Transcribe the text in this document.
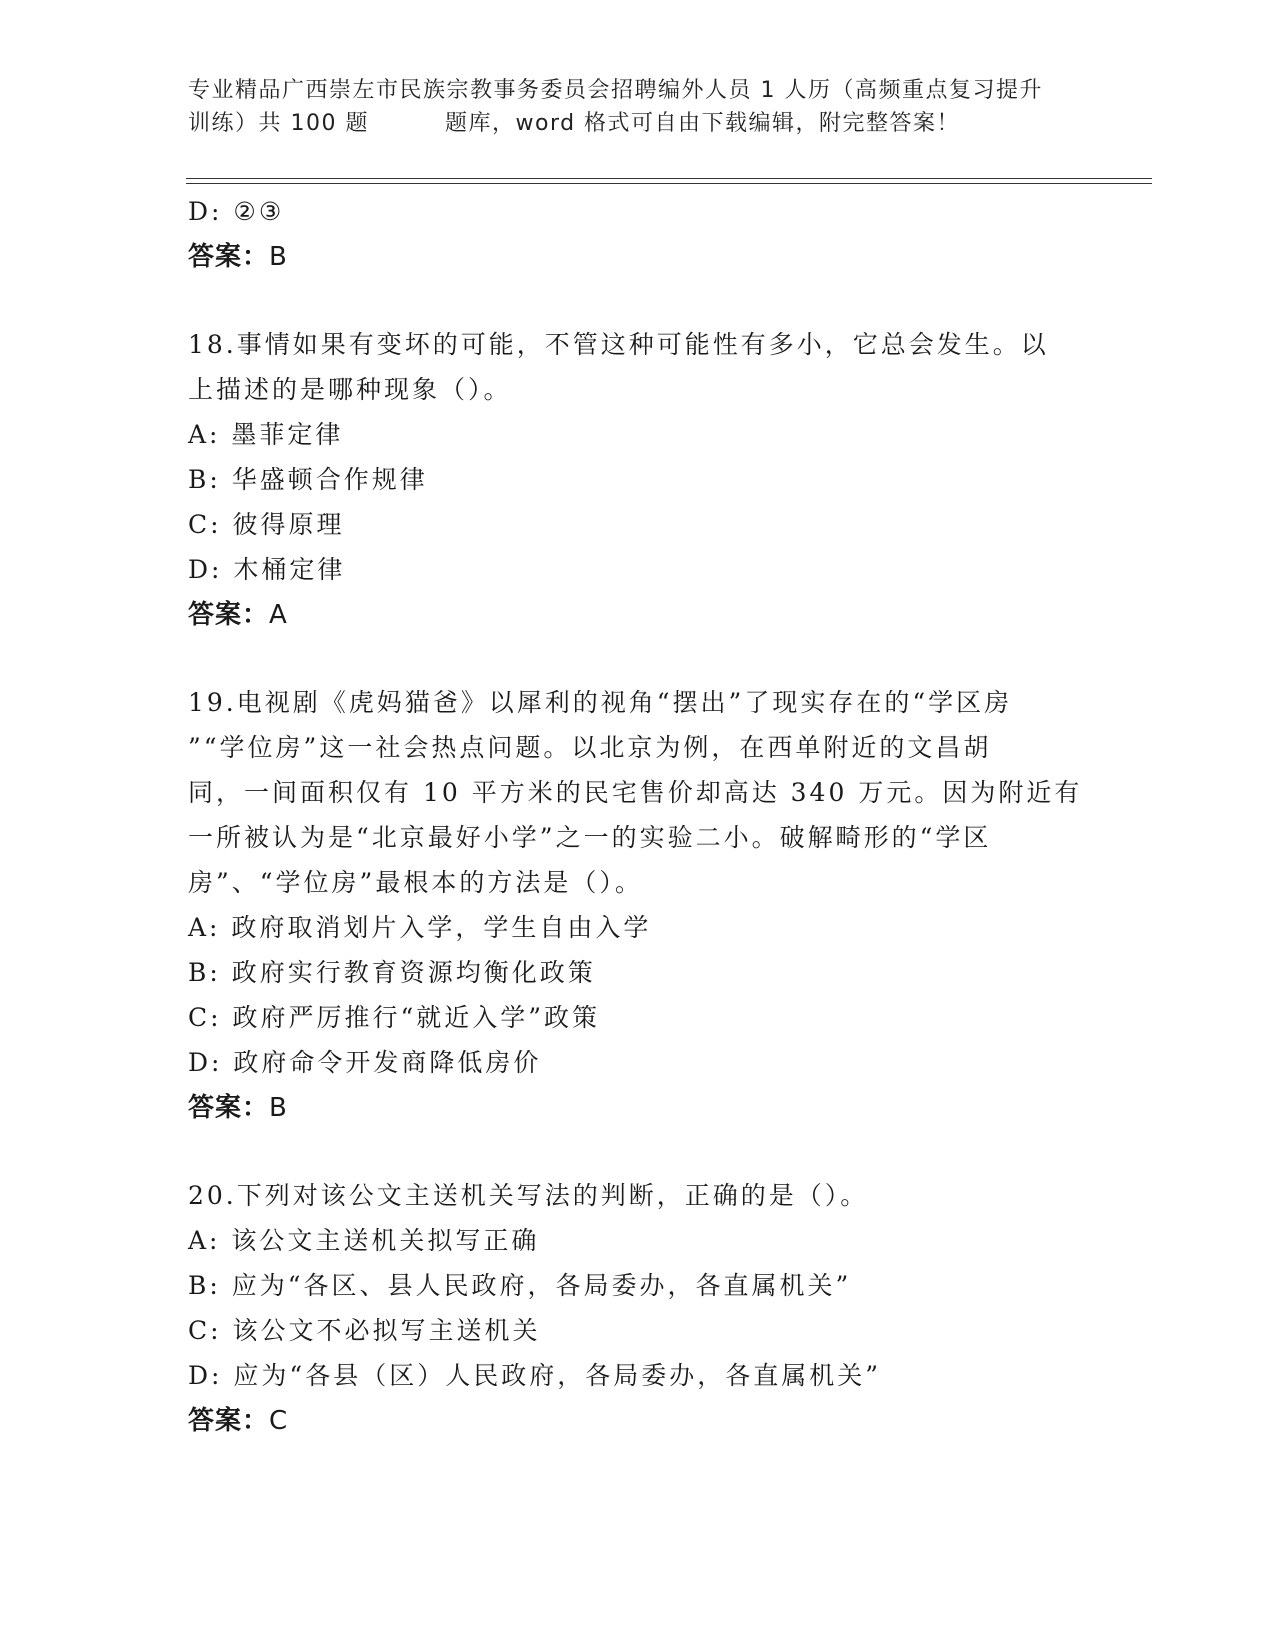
专业精品广西崇左市民族宗教事务委员会招聘编外人员 1 人历（高频重点复习提升
训练）共 100 题	题库，word 格式可自由下载编辑，附完整答案！
D: ②③
答案：B
18.事情如果有变坏的可能，不管这种可能性有多小，它总会发生。以
上描述的是哪种现象（）。
A: 墨菲定律
B: 华盛顿合作规律
C: 彼得原理
D: 木桶定律
答案：A
19.电视剧《虎妈猫爸》以犀利的视角“摆出”了现实存在的“学区房
”“学位房”这一社会热点问题。以北京为例，在西单附近的文昌胡
同，一间面积仅有 10 平方米的民宅售价却高达 340 万元。因为附近有
一所被认为是“北京最好小学”之一的实验二小。破解畸形的“学区
房”、“学位房”最根本的方法是（）。
A: 政府取消划片入学，学生自由入学
B: 政府实行教育资源均衡化政策
C: 政府严厉推行“就近入学”政策
D: 政府命令开发商降低房价
答案：B
20.下列对该公文主送机关写法的判断，正确的是（）。
A: 该公文主送机关拟写正确
B: 应为“各区、县人民政府，各局委办，各直属机关”
C: 该公文不必拟写主送机关
D: 应为“各县（区）人民政府，各局委办，各直属机关”
答案：C
